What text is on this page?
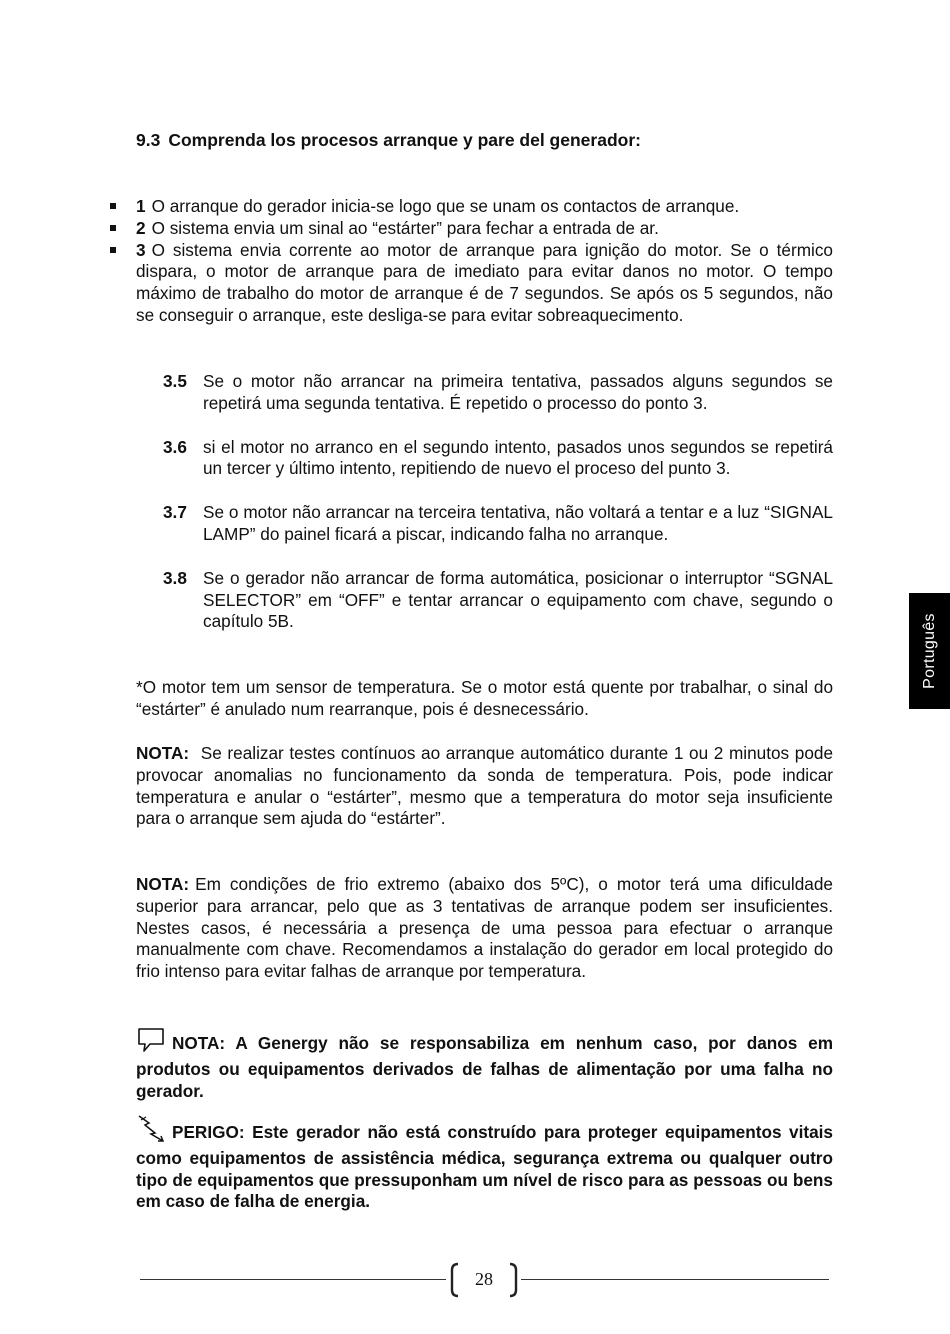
9.3 Comprenda los procesos arranque y pare del generador:
1 O arranque do gerador inicia-se logo que se unam os contactos de arranque.
2 O sistema envia um sinal ao “estárter” para fechar a entrada de ar.
3 O sistema envia corrente ao motor de arranque para ignição do motor. Se o térmico dispara, o motor de arranque para de imediato para evitar danos no motor. O tempo máximo de trabalho do motor de arranque é de 7 segundos. Se após os 5 segundos, não se conseguir o arranque, este desliga-se para evitar sobreaquecimento.
3.5 Se o motor não arrancar na primeira tentativa, passados alguns segundos se repetirá uma segunda tentativa. É repetido o processo do ponto 3.
3.6 si el motor no arranco en el segundo intento, pasados unos segundos se repetirá un tercer y último intento, repitiendo de nuevo el proceso del punto 3.
3.7 Se o motor não arrancar na terceira tentativa, não voltará a tentar e a luz “SIGNAL LAMP” do painel ficará a piscar, indicando falha no arranque.
3.8 Se o gerador não arrancar de forma automática, posicionar o interruptor “SGNAL SELECTOR” em “OFF” e tentar arrancar o equipamento com chave, segundo o capítulo 5B.

*O motor tem um sensor de temperatura. Se o motor está quente por trabalhar, o sinal do “estárter” é anulado num rearranque, pois é desnecessário.

NOTA: Se realizar testes contínuos ao arranque automático durante 1 ou 2 minutos pode provocar anomalias no funcionamento da sonda de temperatura. Pois, pode indicar temperatura e anular o “estárter”, mesmo que a temperatura do motor seja insuficiente para o arranque sem ajuda do “estárter”.

NOTA: Em condições de frio extremo (abaixo dos 5ºC), o motor terá uma dificuldade superior para arrancar, pelo que as 3 tentativas de arranque podem ser insuficientes. Nestes casos, é necessária a presença de uma pessoa para efectuar o arranque manualmente com chave. Recomendamos a instalação do gerador em local protegido do frio intenso para evitar falhas de arranque por temperatura.

NOTA: A Genergy não se responsabiliza em nenhum caso, por danos em produtos ou equipamentos derivados de falhas de alimentação por uma falha no gerador.

PERIGO: Este gerador não está construído para proteger equipamentos vitais como equipamentos de assistência médica, segurança extrema ou qualquer outro tipo de equipamentos que pressuponham um nível de risco para as pessoas ou bens em caso de falha de energia.

Português
28
